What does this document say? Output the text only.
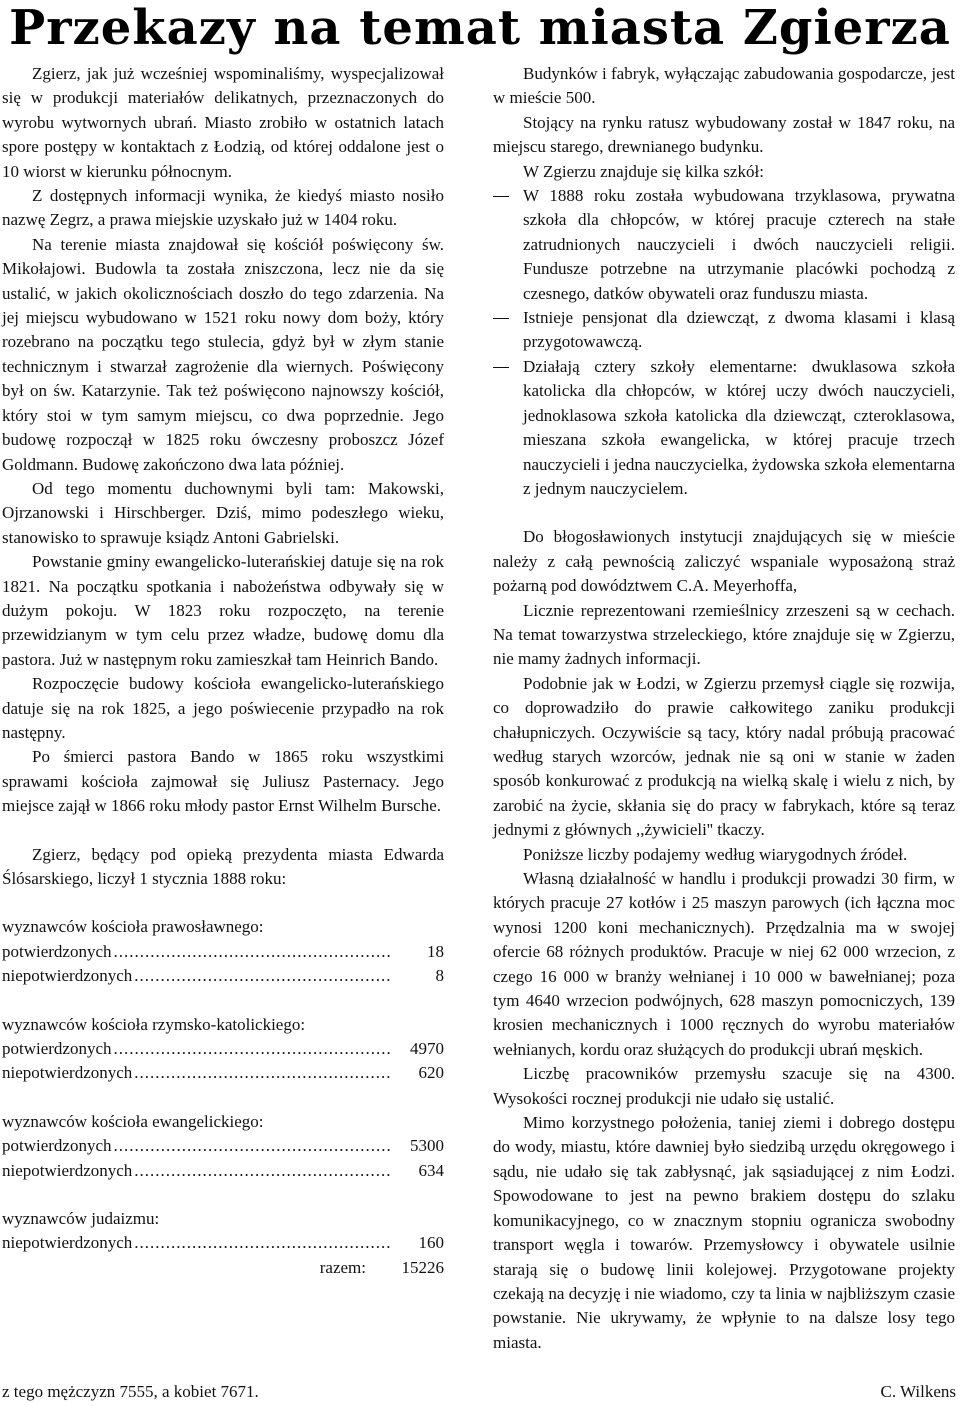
Przekazy na temat miasta Zgierza

Zgierz, jak już wcześniej wspominaliśmy, wyspecjalizował się w produkcji materiałów delikatnych, przeznaczonych do wyrobu wytwornych ubrań. Miasto zrobiło w ostatnich latach spore postępy w kontaktach z Łodzią, od której oddalone jest o 10 wiorst w kierunku północnym.

Z dostępnych informacji wynika, że kiedyś miasto nosiło nazwę Zegrz, a prawa miejskie uzyskało już w 1404 roku.

Na terenie miasta znajdował się kościół poświęcony św. Mikołajowi. Budowla ta została zniszczona, lecz nie da się ustalić, w jakich okolicznościach doszło do tego zdarzenia. Na jej miejscu wybudowano w 1521 roku nowy dom boży, który rozebrano na początku tego stulecia, gdyż był w złym stanie technicznym i stwarzał zagrożenie dla wiernych. Poświęcony był on św. Katarzynie. Tak też poświęcono najnowszy kościół, który stoi w tym samym miejscu, co dwa poprzednie. Jego budowę rozpoczął w 1825 roku ówczesny proboszcz Józef Goldmann. Budowę zakończono dwa lata później.

Od tego momentu duchownymi byli tam: Makowski, Ojrzanowski i Hirschberger. Dziś, mimo podeszłego wieku, stanowisko to sprawuje ksiądz Antoni Gabrielski.

Powstanie gminy ewangelicko-luterańskiej datuje się na rok 1821. Na początku spotkania i nabożeństwa odbywały się w dużym pokoju. W 1823 roku rozpoczęto, na terenie przewidzianym w tym celu przez władze, budowę domu dla pastora. Już w następnym roku zamieszkał tam Heinrich Bando.

Rozpoczęcie budowy kościoła ewangelicko-luterańskiego datuje się na rok 1825, a jego poświecenie przypadło na rok następny.

Po śmierci pastora Bando w 1865 roku wszystkimi sprawami kościoła zajmował się Juliusz Pasternacy. Jego miejsce zajął w 1866 roku młody pastor Ernst Wilhelm Bursche.

Zgierz, będący pod opieką prezydenta miasta Edwarda Ślósarskiego, liczył 1 stycznia 1888 roku:

wyznawców kościoła prawosławnego:

potwierdzonych .....	18
niepotwierdzonych .....	8

wyznawców kościoła rzymsko-katolickiego:

potwierdzonych .....	4970
niepotwierdzonych .....	620

wyznawców kościoła ewangelickiego:

potwierdzonych .....	5300
niepotwierdzonych .....	634

wyznawców judaizmu:

niepotwierdzonych .....	160
razem:	15226
z tego mężczyzn 7555, a kobiet 7671.

Budynków i fabryk, wyłączając zabudowania gospodarcze, jest w mieście 500.

Stojący na rynku ratusz wybudowany został w 1847 roku, na miejscu starego, drewnianego budynku.

W Zgierzu znajduje się kilka szkół:

W 1888 roku została wybudowana trzyklasowa, prywatna szkoła dla chłopców, w której pracuje czterech na stałe zatrudnionych nauczycieli i dwóch nauczycieli religii. Fundusze potrzebne na utrzymanie placówki pochodzą z czesnego, datków obywateli oraz funduszu miasta.
Istnieje pensjonat dla dziewcząt, z dwoma klasami i klasą przygotowawczą.
Działają cztery szkoły elementarne: dwuklasowa szkoła katolicka dla chłopców, w której uczy dwóch nauczycieli, jednoklasowa szkoła katolicka dla dziewcząt, czteroklasowa, mieszana szkoła ewangelicka, w której pracuje trzech nauczycieli i jedna nauczycielka, żydowska szkoła elementarna z jednym nauczycielem.

Do błogosławionych instytucji znajdujących się w mieście należy z całą pewnością zaliczyć wspaniale wyposażoną straż pożarną pod dowództwem C.A. Meyerhoffa,

Licznie reprezentowani rzemieślnicy zrzeszeni są w cechach. Na temat towarzystwa strzeleckiego, które znajduje się w Zgierzu, nie mamy żadnych informacji.

Podobnie jak w Łodzi, w Zgierzu przemysł ciągle się rozwija, co doprowadziło do prawie całkowitego zaniku produkcji chałupniczych. Oczywiście są tacy, który nadal próbują pracować według starych wzorców, jednak nie są oni w stanie w żaden sposób konkurować z produkcją na wielką skalę i wielu z nich, by zarobić na życie, skłania się do pracy w fabrykach, które są teraz jednymi z głównych ,,żywicieli'' tkaczy.

Poniższe liczby podajemy według wiarygodnych źródeł.

Własną działalność w handlu i produkcji prowadzi 30 firm, w których pracuje 27 kotłów i 25 maszyn parowych (ich łączna moc wynosi 1200 koni mechanicznych). Przędzalnia ma w swojej ofercie 68 różnych produktów. Pracuje w niej 62 000 wrzecion, z czego 16 000 w branży wełnianej i 10 000 w bawełnianej; poza tym 4640 wrzecion podwójnych, 628 maszyn pomocniczych, 139 krosien mechanicznych i 1000 ręcznych do wyrobu materiałów wełnianych, kordu oraz służących do produkcji ubrań męskich.

Liczbę pracowników przemysłu szacuje się na 4300. Wysokości rocznej produkcji nie udało się ustalić.

Mimo korzystnego położenia, taniej ziemi i dobrego dostępu do wody, miastu, które dawniej było siedzibą urzędu okręgowego i sądu, nie udało się tak zabłysnąć, jak sąsiadującej z nim Łodzi. Spowodowane to jest na pewno brakiem dostępu do szlaku komunikacyjnego, co w znacznym stopniu ogranicza swobodny transport węgla i towarów. Przemysłowcy i obywatele usilnie starają się o budowę linii kolejowej. Przygotowane projekty czekają na decyzję i nie wiadomo, czy ta linia w najbliższym czasie powstanie. Nie ukrywamy, że wpłynie to na dalsze losy tego miasta.

C. Wilkens
